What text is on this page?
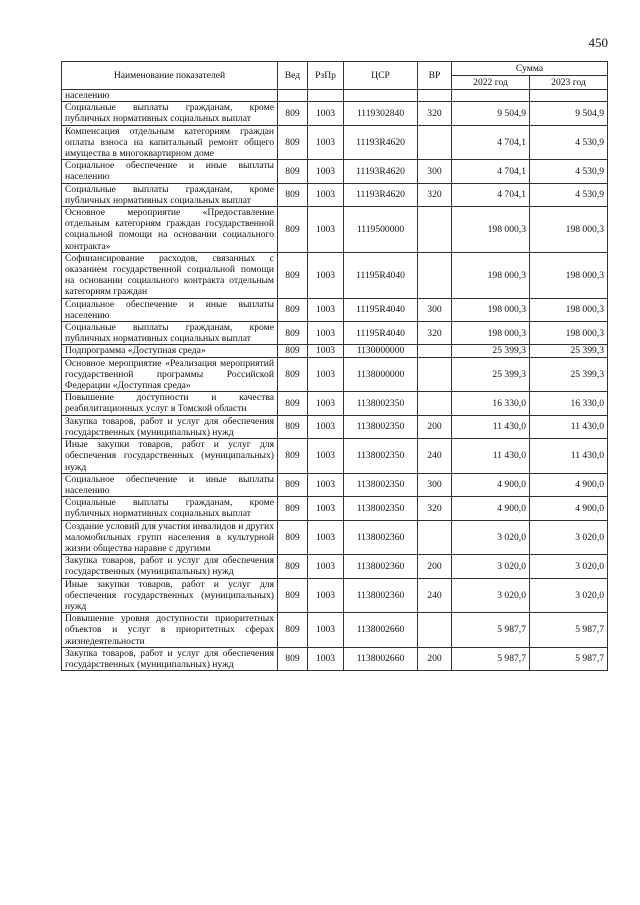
450
Наименование показателей	Вед	РзПр	ЦСР	ВР	Сумма	
					2022 год	2023 год
населению						
Социальные выплаты гражданам, кроме публичных нормативных социальных выплат	809	1003	1119302840	320	9 504,9	9 504,9
Компенсация отдельным категориям граждан оплаты взноса на капитальный ремонт общего имущества в многоквартирном доме	809	1003	11193R4620		4 704,1	4 530,9
Социальное обеспечение и иные выплаты населению	809	1003	11193R4620	300	4 704,1	4 530,9
Социальные выплаты гражданам, кроме публичных нормативных социальных выплат	809	1003	11193R4620	320	4 704,1	4 530,9
Основное мероприятие «Предоставление отдельным категориям граждан государственной социальной помощи на основании социального контракта»	809	1003	1119500000		198 000,3	198 000,3
Софинансирование расходов, связанных с оказанием государственной социальной помощи на основании социального контракта отдельным категориям граждан	809	1003	11195R4040		198 000,3	198 000,3
Социальное обеспечение и иные выплаты населению	809	1003	11195R4040	300	198 000,3	198 000,3
Социальные выплаты гражданам, кроме публичных нормативных социальных выплат	809	1003	11195R4040	320	198 000,3	198 000,3
Подпрограмма «Доступная среда»	809	1003	1130000000		25 399,3	25 399,3
Основное мероприятие «Реализация мероприятий государственной программы Российской Федерации «Доступная среда»	809	1003	1138000000		25 399,3	25 399,3
Повышение доступности и качества реабилитационных услуг в Томской области	809	1003	1138002350		16 330,0	16 330,0
Закупка товаров, работ и услуг для обеспечения государственных (муниципальных) нужд	809	1003	1138002350	200	11 430,0	11 430,0
Иные закупки товаров, работ и услуг для обеспечения государственных (муниципальных) нужд	809	1003	1138002350	240	11 430,0	11 430,0
Социальное обеспечение и иные выплаты населению	809	1003	1138002350	300	4 900,0	4 900,0
Социальные выплаты гражданам, кроме публичных нормативных социальных выплат	809	1003	1138002350	320	4 900,0	4 900,0
Создание условий для участия инвалидов и других маломобильных групп населения в культурной жизни общества наравне с другими	809	1003	1138002360		3 020,0	3 020,0
Закупка товаров, работ и услуг для обеспечения государственных (муниципальных) нужд	809	1003	1138002360	200	3 020,0	3 020,0
Иные закупки товаров, работ и услуг для обеспечения государственных (муниципальных) нужд	809	1003	1138002360	240	3 020,0	3 020,0
Повышение уровня доступности приоритетных объектов и услуг в приоритетных сферах жизнедеятельности	809	1003	1138002660		5 987,7	5 987,7
Закупка товаров, работ и услуг для обеспечения государственных (муниципальных) нужд	809	1003	1138002660	200	5 987,7	5 987,7
